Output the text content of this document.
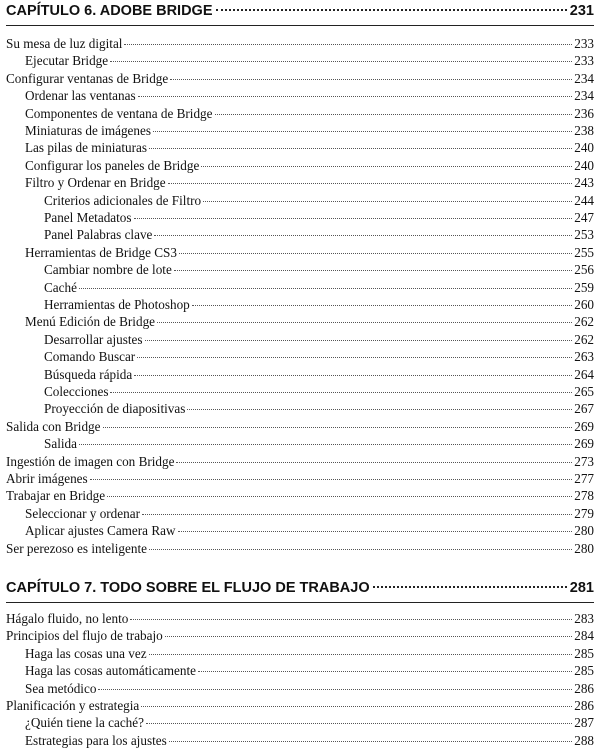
CAPÍTULO 6. ADOBE BRIDGE	231
Su mesa de luz digital	233
Ejecutar Bridge	233
Configurar ventanas de Bridge	234
Ordenar las ventanas	234
Componentes de ventana de Bridge	236
Miniaturas de imágenes	238
Las pilas de miniaturas	240
Configurar los paneles de Bridge	240
Filtro y Ordenar en Bridge	243
Criterios adicionales de Filtro	244
Panel Metadatos	247
Panel Palabras clave	253
Herramientas de Bridge CS3	255
Cambiar nombre de lote	256
Caché	259
Herramientas de Photoshop	260
Menú Edición de Bridge	262
Desarrollar ajustes	262
Comando Buscar	263
Búsqueda rápida	264
Colecciones	265
Proyección de diapositivas	267
Salida con Bridge	269
Salida	269
Ingestión de imagen con Bridge	273
Abrir imágenes	277
Trabajar en Bridge	278
Seleccionar y ordenar	279
Aplicar ajustes Camera Raw	280
Ser perezoso es inteligente	280
CAPÍTULO 7. TODO SOBRE EL FLUJO DE TRABAJO	281
Hágalo fluido, no lento	283
Principios del flujo de trabajo	284
Haga las cosas una vez	285
Haga las cosas automáticamente	285
Sea metódico	286
Planificación y estrategia	286
¿Quién tiene la caché?	287
Estrategias para los ajustes	288
